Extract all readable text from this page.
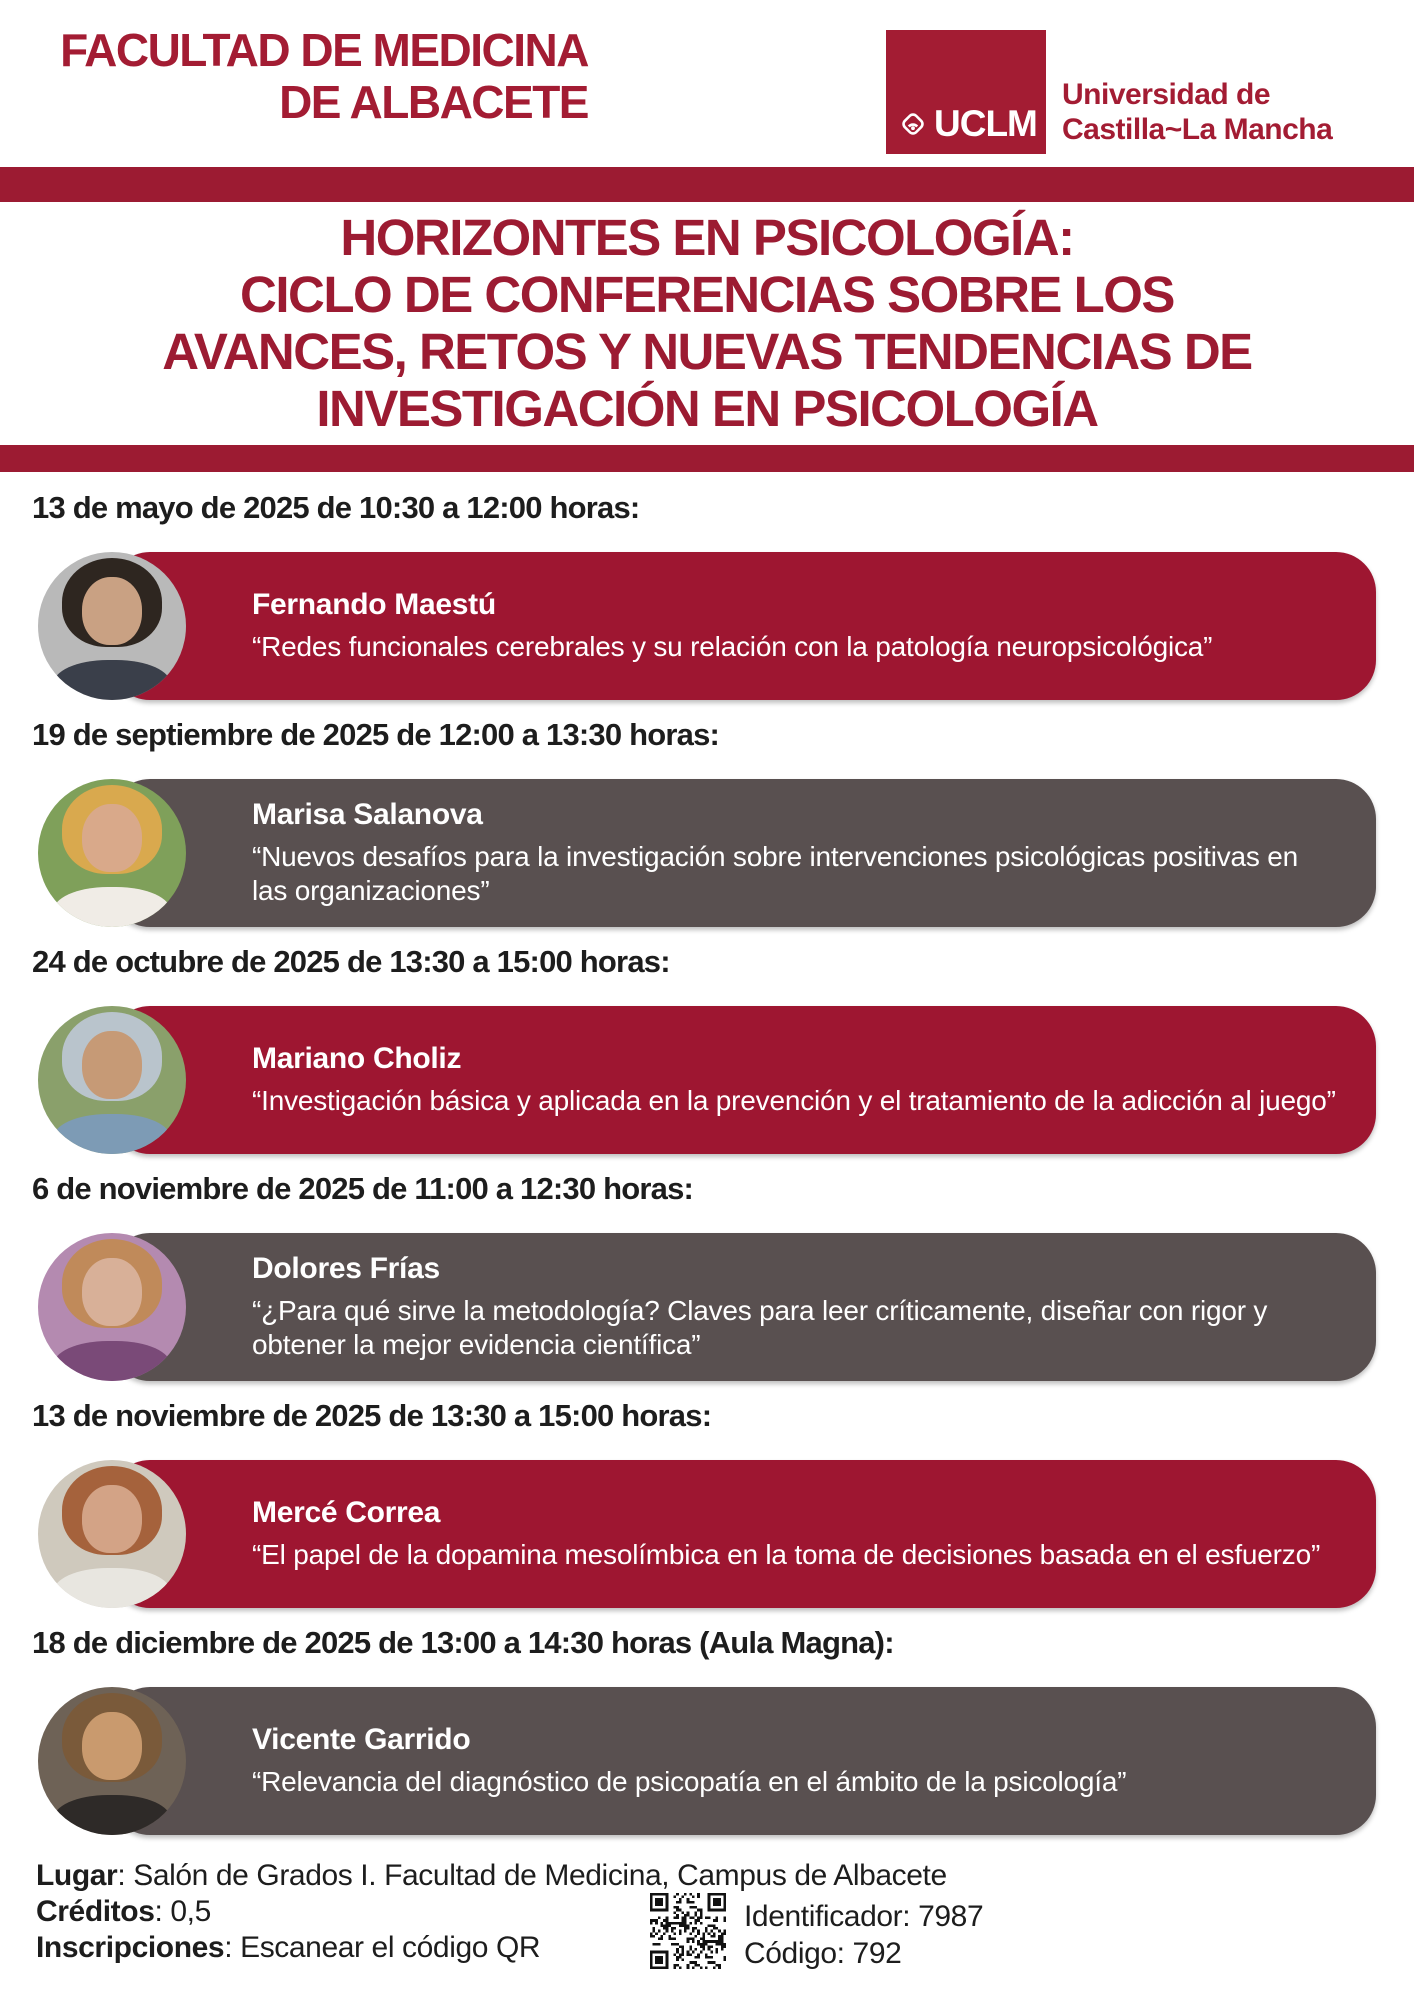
FACULTAD DE MEDICINA
DE ALBACETE	UCLM
Universidad de
Castilla~La Mancha
HORIZONTES EN PSICOLOGÍA:
CICLO DE CONFERENCIAS SOBRE LOS
AVANCES, RETOS Y NUEVAS TENDENCIAS DE
INVESTIGACIÓN EN PSICOLOGÍA
13 de mayo de 2025 de 10:30 a 12:00 horas:
Fernando Maestú
“Redes funcionales cerebrales y su relación con la patología neuropsicológica”
19 de septiembre de 2025 de 12:00 a 13:30 horas:
Marisa Salanova
“Nuevos desafíos para la investigación sobre intervenciones psicológicas positivas en las organizaciones”
24 de octubre de 2025 de 13:30 a 15:00 horas:
Mariano Choliz
“Investigación básica y aplicada en la prevención y el tratamiento de la adicción al juego”
6 de noviembre de 2025 de 11:00 a 12:30 horas:
Dolores Frías
“¿Para qué sirve la metodología? Claves para leer críticamente, diseñar con rigor y obtener la mejor evidencia científica”
13 de noviembre de 2025 de 13:30 a 15:00 horas:
Mercé Correa
“El papel de la dopamina mesolímbica en la toma de decisiones basada en el esfuerzo”
18 de diciembre de 2025 de 13:00 a 14:30 horas (Aula Magna):
Vicente Garrido
“Relevancia del diagnóstico de psicopatía en el ámbito de la psicología”
Lugar: Salón de Grados I. Facultad de Medicina, Campus de Albacete
Créditos: 0,5
Inscripciones: Escanear el código QR
Identificador: 7987
Código: 792
